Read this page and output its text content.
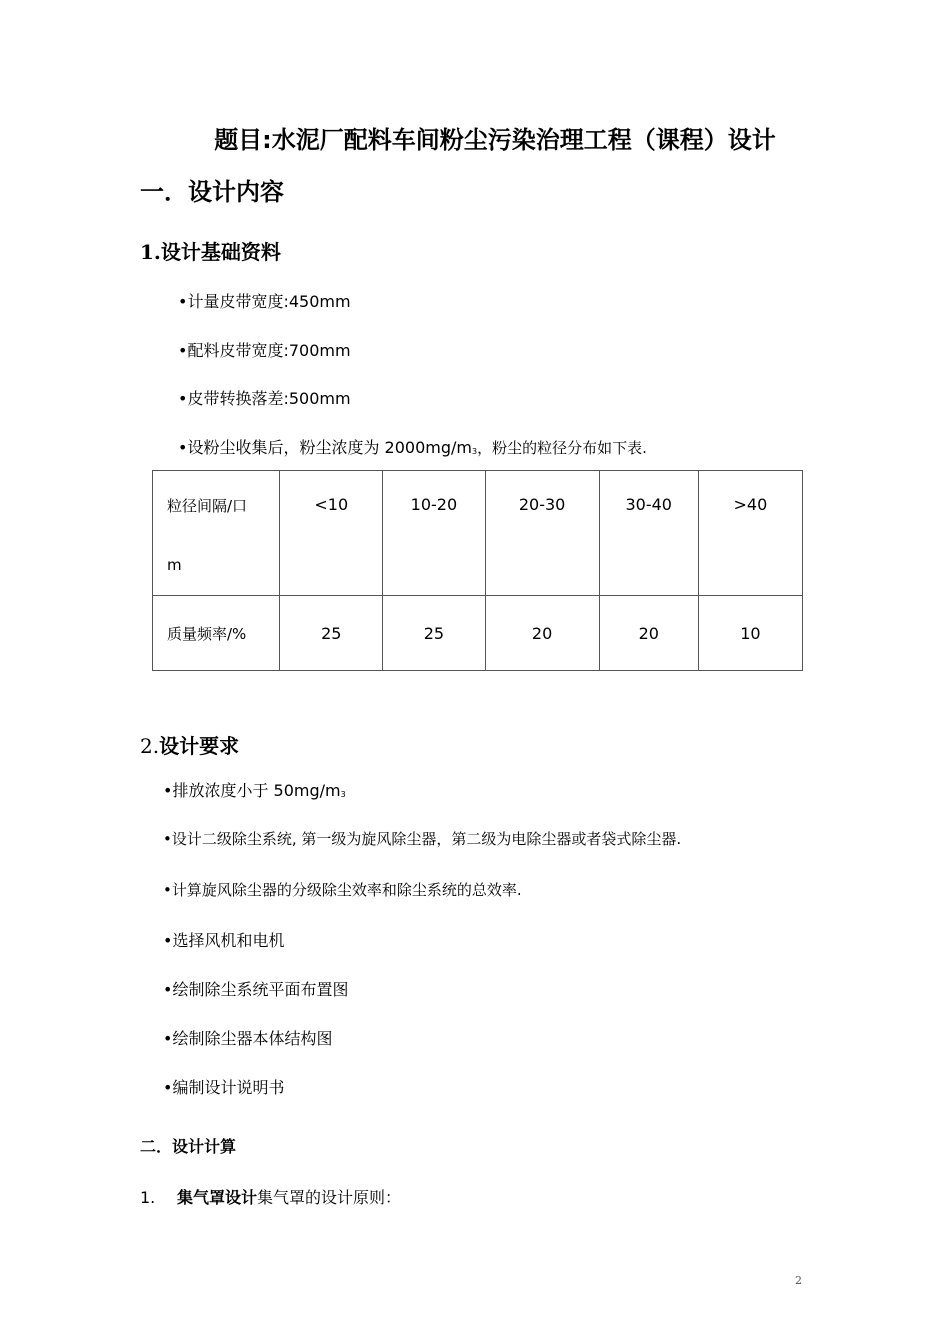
题目:水泥厂配料车间粉尘污染治理工程（课程）设计
一．设计内容
1.设计基础资料
•计量皮带宽度:450mm
•配料皮带宽度:700mm
•皮带转换落差:500mm
•设粉尘收集后，粉尘浓度为 $2000mg/m_3$，粉尘的粒径分布如下表.
粒径间隔/口
m	<10	10-20	20-30	30-40	>40

质量频率/%	25	25	20	20	10
2.设计要求
•排放浓度小于 $50mg/m_3$
•设计二级除尘系统, 第一级为旋风除尘器，第二级为电除尘器或者袋式除尘器.
•计算旋风除尘器的分级除尘效率和除尘系统的总效率.
•选择风机和电机
•绘制除尘系统平面布置图
•绘制除尘器本体结构图
•编制设计说明书
二．设计计算
1. 集气罩设计集气罩的设计原则：
2
